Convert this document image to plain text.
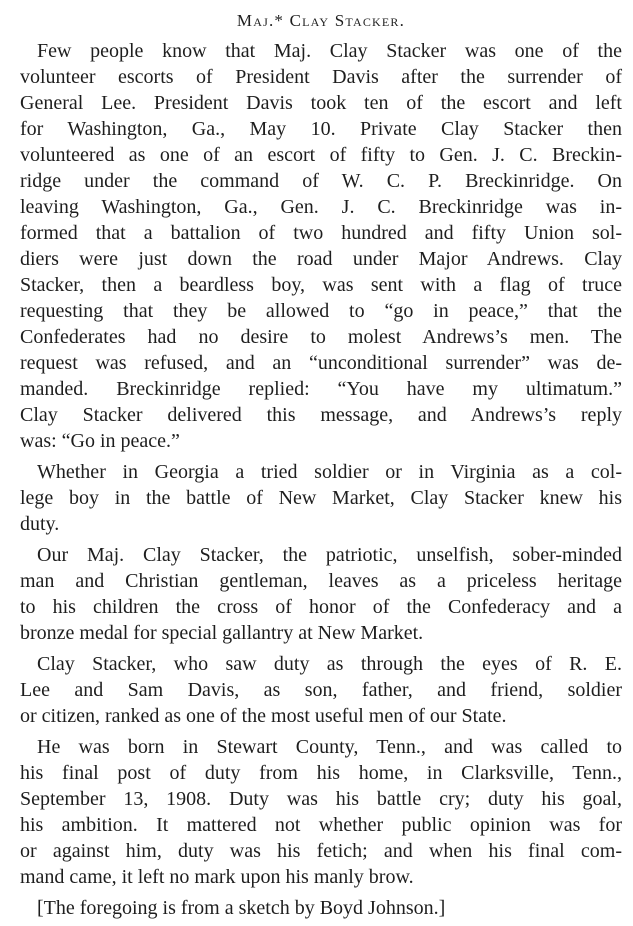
Maj.* Clay Stacker.
Few people know that Maj. Clay Stacker was one of the
volunteer escorts of President Davis after the surrender of
General Lee. President Davis took ten of the escort and left
for Washington, Ga., May 10. Private Clay Stacker then
volunteered as one of an escort of fifty to Gen. J. C. Breckin-
ridge under the command of W. C. P. Breckinridge. On
leaving Washington, Ga., Gen. J. C. Breckinridge was in-
formed that a battalion of two hundred and fifty Union sol-
diers were just down the road under Major Andrews. Clay
Stacker, then a beardless boy, was sent with a flag of truce
requesting that they be allowed to “go in peace,” that the
Confederates had no desire to molest Andrews’s men. The
request was refused, and an “unconditional surrender” was de-
manded. Breckinridge replied: “You have my ultimatum.”
Clay Stacker delivered this message, and Andrews’s reply
was: “Go in peace.”
Whether in Georgia a tried soldier or in Virginia as a col-
lege boy in the battle of New Market, Clay Stacker knew his
duty.
Our Maj. Clay Stacker, the patriotic, unselfish, sober-minded
man and Christian gentleman, leaves as a priceless heritage
to his children the cross of honor of the Confederacy and a
bronze medal for special gallantry at New Market.
Clay Stacker, who saw duty as through the eyes of R. E.
Lee and Sam Davis, as son, father, and friend, soldier
or citizen, ranked as one of the most useful men of our State.
He was born in Stewart County, Tenn., and was called to
his final post of duty from his home, in Clarksville, Tenn.,
September 13, 1908. Duty was his battle cry; duty his goal,
his ambition. It mattered not whether public opinion was for
or against him, duty was his fetich; and when his final com-
mand came, it left no mark upon his manly brow.
[The foregoing is from a sketch by Boyd Johnson.]
